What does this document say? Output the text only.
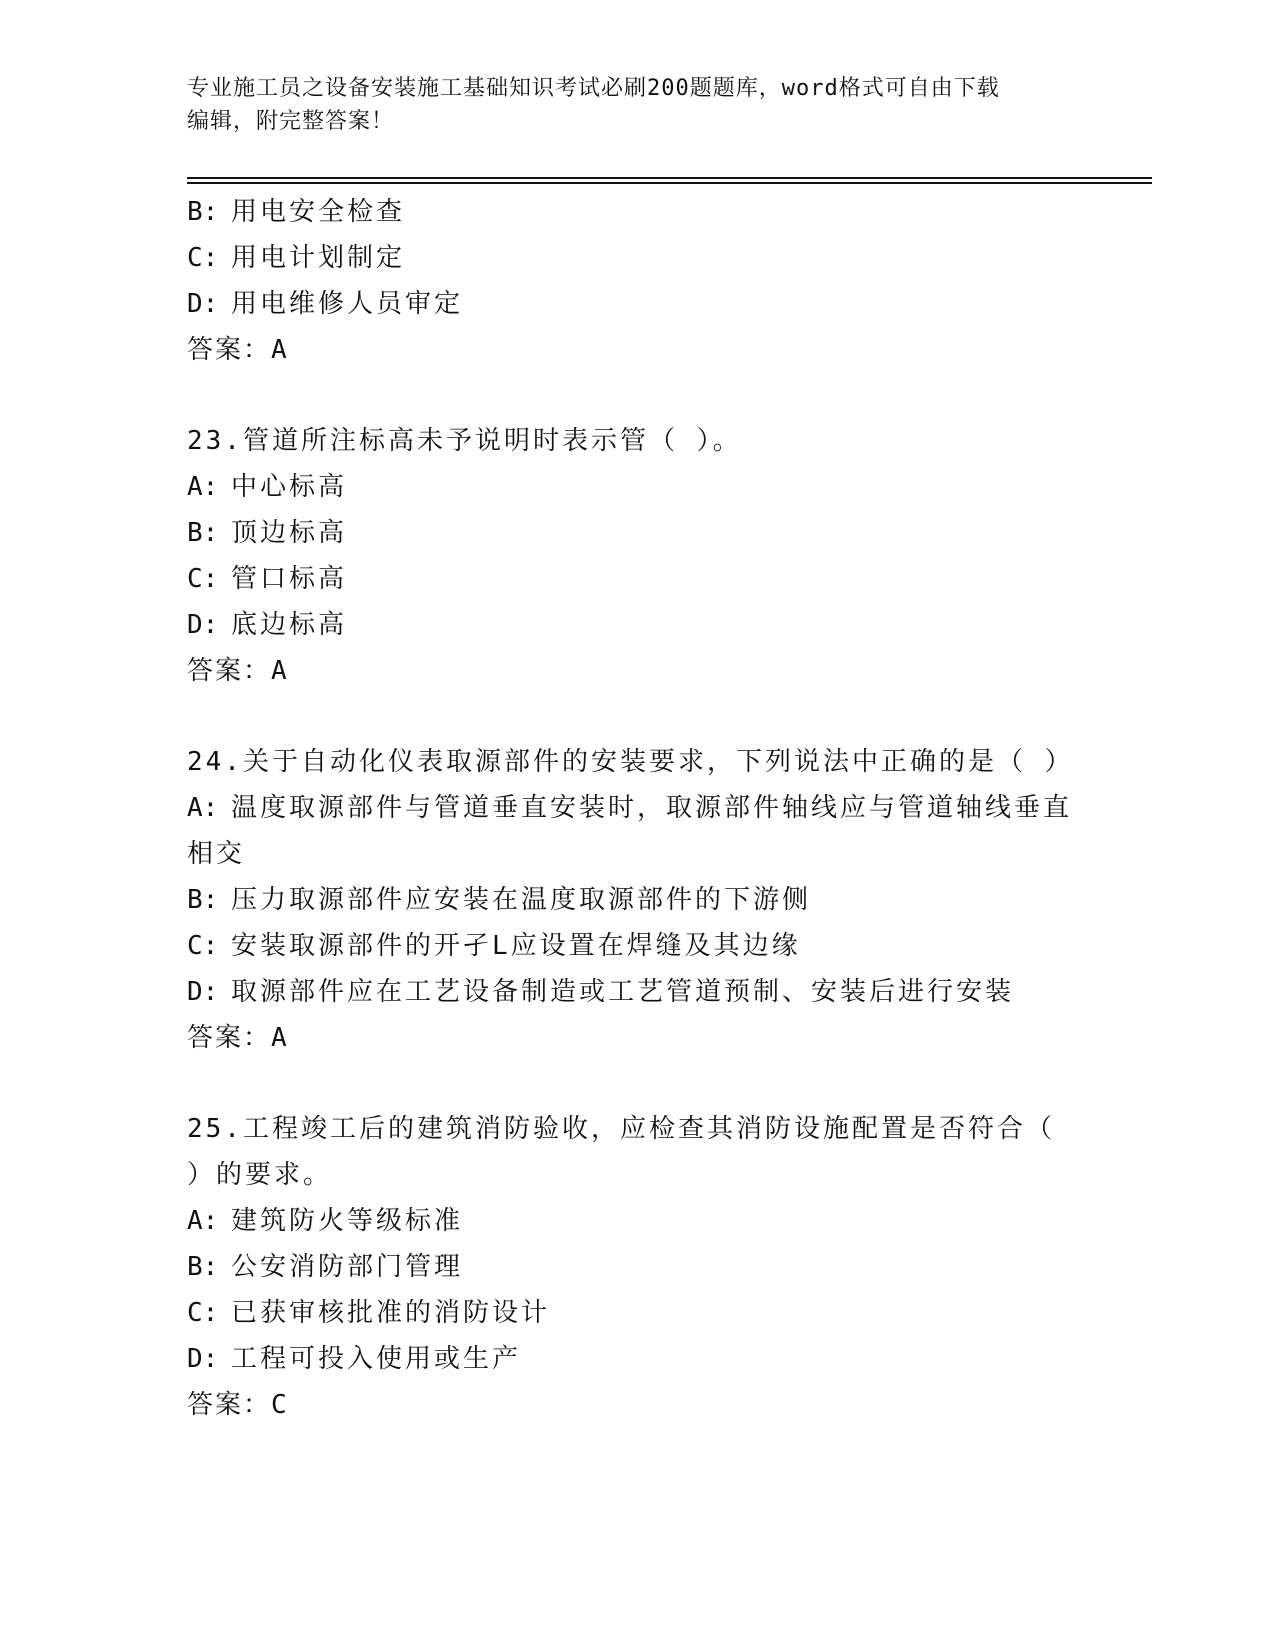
专业施工员之设备安装施工基础知识考试必刷200题题库，word格式可自由下载
编辑，附完整答案！
B: 用电安全检查
C: 用电计划制定
D: 用电维修人员审定
答案：A
23.管道所注标高未予说明时表示管（ ）。
A: 中心标高
B: 顶边标高
C: 管口标高
D: 底边标高
答案：A
24.关于自动化仪表取源部件的安装要求，下列说法中正确的是（ ）
A: 温度取源部件与管道垂直安装时，取源部件轴线应与管道轴线垂直
相交
B: 压力取源部件应安装在温度取源部件的下游侧
C: 安装取源部件的开孑L应设置在焊缝及其边缘
D: 取源部件应在工艺设备制造或工艺管道预制、安装后进行安装
答案：A
25.工程竣工后的建筑消防验收，应检查其消防设施配置是否符合（
）的要求。
A: 建筑防火等级标准
B: 公安消防部门管理
C: 已获审核批准的消防设计
D: 工程可投入使用或生产
答案：C
